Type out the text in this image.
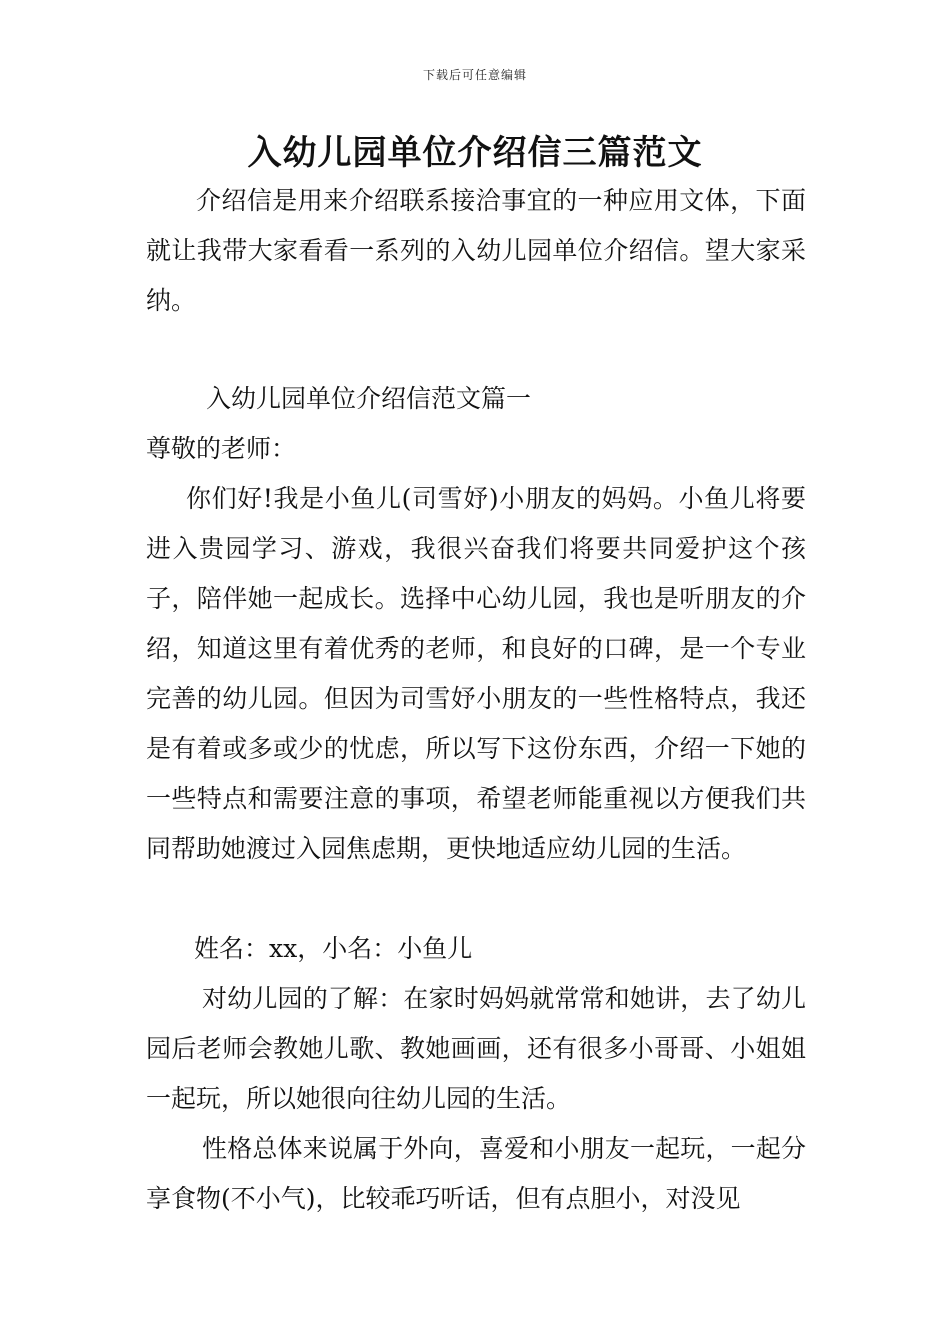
下载后可任意编辑
入幼儿园单位介绍信三篇范文

介绍信是用来介绍联系接洽事宜的一种应用文体，下面就让我带大家看看一系列的入幼儿园单位介绍信。望大家采纳。

入幼儿园单位介绍信范文篇一

尊敬的老师：

你们好!我是小鱼儿(司雪妤)小朋友的妈妈。小鱼儿将要进入贵园学习、游戏，我很兴奋我们将要共同爱护这个孩子，陪伴她一起成长。选择中心幼儿园，我也是听朋友的介绍，知道这里有着优秀的老师，和良好的口碑，是一个专业完善的幼儿园。但因为司雪妤小朋友的一些性格特点，我还是有着或多或少的忧虑，所以写下这份东西，介绍一下她的一些特点和需要注意的事项，希望老师能重视以方便我们共同帮助她渡过入园焦虑期，更快地适应幼儿园的生活。

姓名：xx，小名：小鱼儿

对幼儿园的了解：在家时妈妈就常常和她讲，去了幼儿园后老师会教她儿歌、教她画画，还有很多小哥哥、小姐姐一起玩，所以她很向往幼儿园的生活。

性格总体来说属于外向，喜爱和小朋友一起玩，一起分享食物(不小气)，比较乖巧听话，但有点胆小，对没见
